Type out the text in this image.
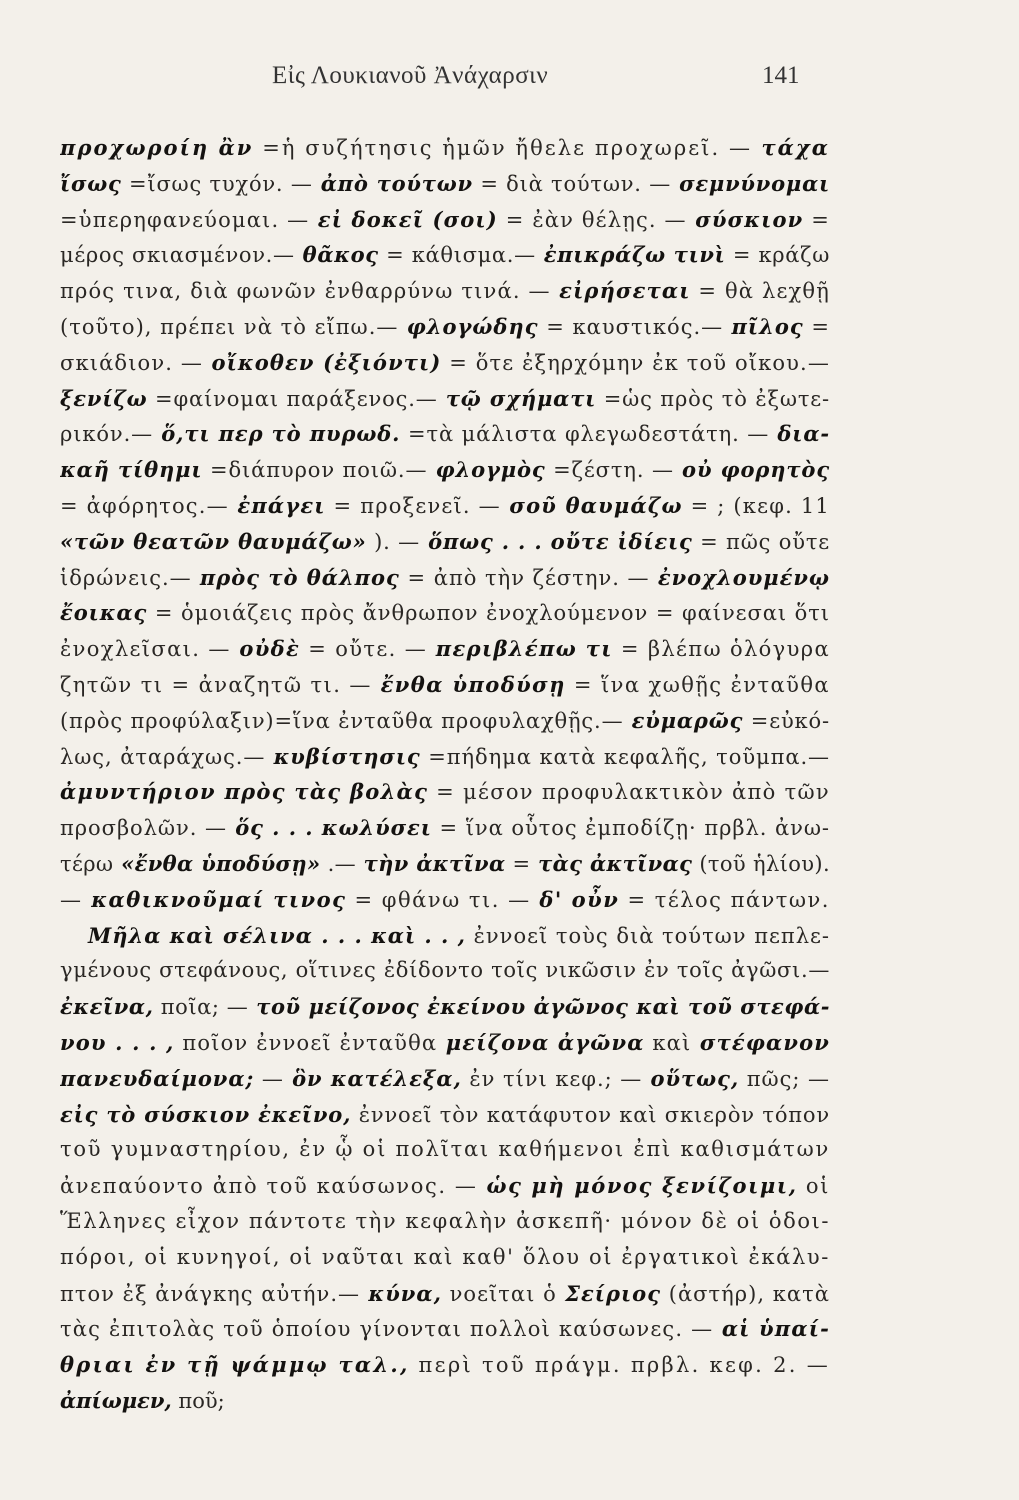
Εἰς Λουκιανοῦ Ἀνάχαρσιν	141
προχωροίη ἂν =ἡ συζήτησις ἡμῶν ἤθελε προχωρεῖ. — τάχα
ἴσως =ἴσως τυχόν. — ἀπὸ τούτων = διὰ τούτων. — σεμνύνομαι
=ὑπερηφανεύομαι. — εἰ δοκεῖ (σοι) = ἐὰν θέλῃς. — σύσκιον =
μέρος σκιασμένον.— θᾶκος = κάθισμα.— ἐπικράζω τινὶ = κράζω
πρός τινα, διὰ φωνῶν ἐνθαρρύνω τινά. — εἰρήσεται = θὰ λεχθῇ
(τοῦτο), πρέπει νὰ τὸ εἴπω.— φλογώδης = καυστικός.— πῖλος =
σκιάδιον. — οἴκοθεν (ἐξιόντι) = ὅτε ἐξηρχόμην ἐκ τοῦ οἴκου.—
ξενίζω =φαίνομαι παράξενος.— τῷ σχήματι =ὡς πρὸς τὸ ἐξωτε-
ρικόν.— ὅ,τι περ τὸ πυρωδ. =τὰ μάλιστα φλεγωδεστάτη. — δια-
καῆ τίθημι =διάπυρον ποιῶ.— φλογμὸς =ζέστη. — οὐ φορητὸς
= ἀφόρητος.— ἐπάγει = προξενεῖ. — σοῦ θαυμάζω = ; (κεφ. 11
«τῶν θεατῶν θαυμάζω» ). — ὅπως . . . οὔτε ἰδίεις = πῶς οὔτε
ἱδρώνεις.— πρὸς τὸ θάλπος = ἀπὸ τὴν ζέστην. — ἐνοχλουμένῳ
ἔοικας = ὁμοιάζεις πρὸς ἄνθρωπον ἐνοχλούμενον = φαίνεσαι ὅτι
ἐνοχλεῖσαι. — οὐδὲ = οὔτε. — περιβλέπω τι = βλέπω ὁλόγυρα
ζητῶν τι = ἀναζητῶ τι. — ἔνθα ὑποδύσῃ = ἵνα χωθῇς ἐνταῦθα
(πρὸς προφύλαξιν)=ἵνα ἐνταῦθα προφυλαχθῇς.— εὐμαρῶς =εὐκό-
λως, ἀταράχως.— κυβίστησις =πήδημα κατὰ κεφαλῆς, τοῦμπα.—
ἀμυντήριον πρὸς τὰς βολὰς = μέσον προφυλακτικὸν ἀπὸ τῶν
προσβολῶν. — ὅς . . . κωλύσει = ἵνα οὗτος ἐμποδίζῃ· πρβλ. ἀνω-
τέρω «ἔνθα ὑποδύσῃ» .— τὴν ἀκτῖνα = τὰς ἀκτῖνας (τοῦ ἡλίου).
— καθικνοῦμαί τινος = φθάνω τι. — δ' οὖν = τέλος πάντων.
Μῆλα καὶ σέλινα . . . καὶ . . , ἐννοεῖ τοὺς διὰ τούτων πεπλε-
γμένους στεφάνους, οἵτινες ἐδίδοντο τοῖς νικῶσιν ἐν τοῖς ἀγῶσι.—
ἐκεῖνα, ποῖα; — τοῦ μείζονος ἐκείνου ἀγῶνος καὶ τοῦ στεφά-
νου . . . , ποῖον ἐννοεῖ ἐνταῦθα μείζονα ἀγῶνα καὶ στέφανον
πανευδαίμονα; — ὃν κατέλεξα, ἐν τίνι κεφ.; — οὕτως, πῶς; —
εἰς τὸ σύσκιον ἐκεῖνο, ἐννοεῖ τὸν κατάφυτον καὶ σκιερὸν τόπον
τοῦ γυμναστηρίου, ἐν ᾧ οἱ πολῖται καθήμενοι ἐπὶ καθισμάτων
ἀνεπαύοντο ἀπὸ τοῦ καύσωνος. — ὡς μὴ μόνος ξενίζοιμι, οἱ
Ἕλληνες εἶχον πάντοτε τὴν κεφαλὴν ἀσκεπῆ· μόνον δὲ οἱ ὁδοι-
πόροι, οἱ κυνηγοί, οἱ ναῦται καὶ καθ' ὅλου οἱ ἐργατικοὶ ἐκάλυ-
πτον ἐξ ἀνάγκης αὐτήν.— κύνα, νοεῖται ὁ Σείριος (ἀστήρ), κατὰ
τὰς ἐπιτολὰς τοῦ ὁποίου γίνονται πολλοὶ καύσωνες. — αἱ ὑπαί-
θριαι ἐν τῇ ψάμμῳ ταλ., περὶ τοῦ πράγμ. πρβλ. κεφ. 2. —
ἀπίωμεν, ποῦ;
